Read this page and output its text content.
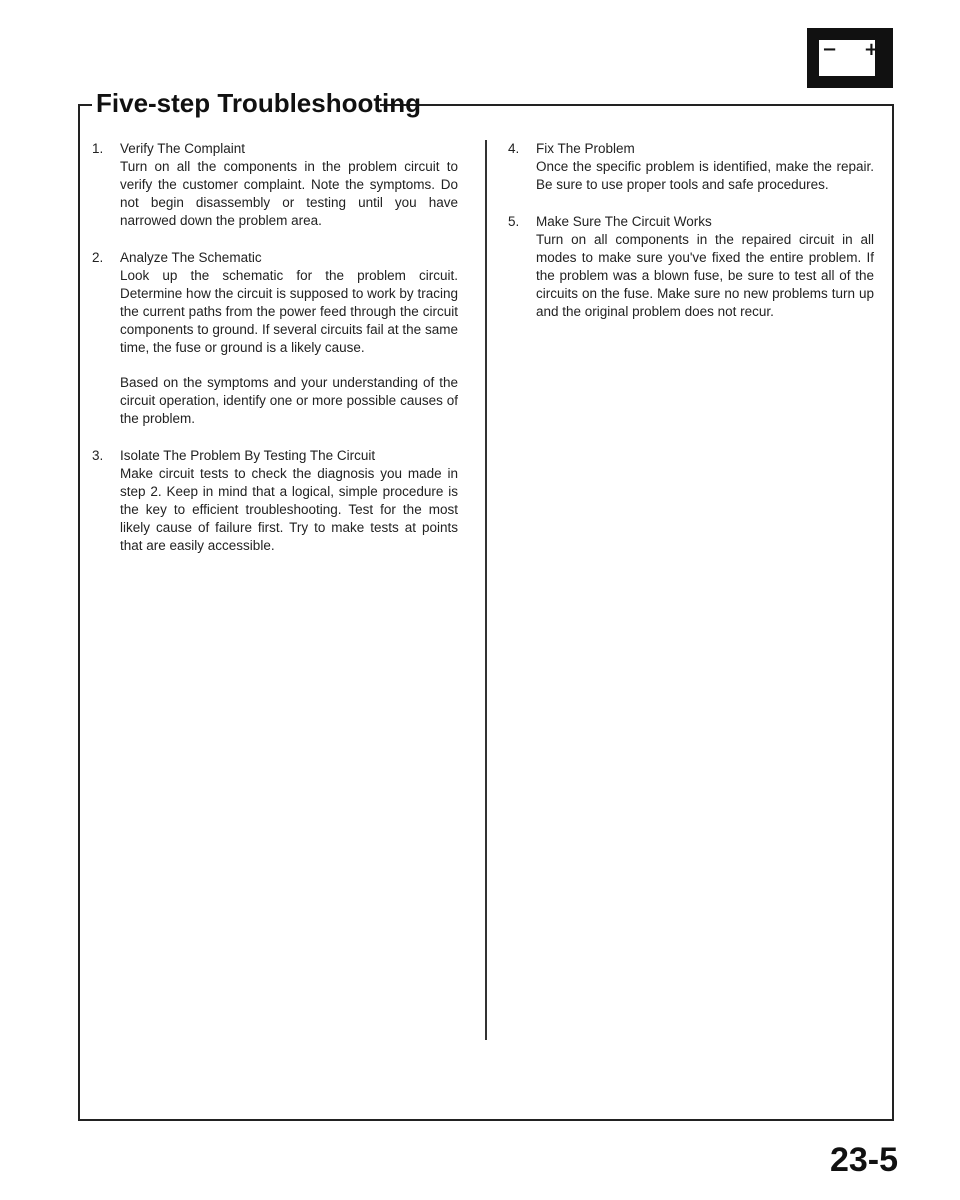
− +
Five-step Troubleshooting
1.	Verify The Complaint
Turn on all the components in the problem circuit to verify the customer complaint. Note the symptoms. Do not begin disassembly or testing until you have narrowed down the problem area.
2.	Analyze The Schematic
Look up the schematic for the problem circuit. Determine how the circuit is supposed to work by tracing the current paths from the power feed through the circuit components to ground. If several circuits fail at the same time, the fuse or ground is a likely cause.
Based on the symptoms and your understanding of the circuit operation, identify one or more possible causes of the problem.
3.	Isolate The Problem By Testing The Circuit
Make circuit tests to check the diagnosis you made in step 2. Keep in mind that a logical, simple procedure is the key to efficient troubleshooting. Test for the most likely cause of failure first. Try to make tests at points that are easily accessible.
4.	Fix The Problem
Once the specific problem is identified, make the repair. Be sure to use proper tools and safe procedures.
5.	Make Sure The Circuit Works
Turn on all components in the repaired circuit in all modes to make sure you've fixed the entire problem. If the problem was a blown fuse, be sure to test all of the circuits on the fuse. Make sure no new problems turn up and the original problem does not recur.
23-5
